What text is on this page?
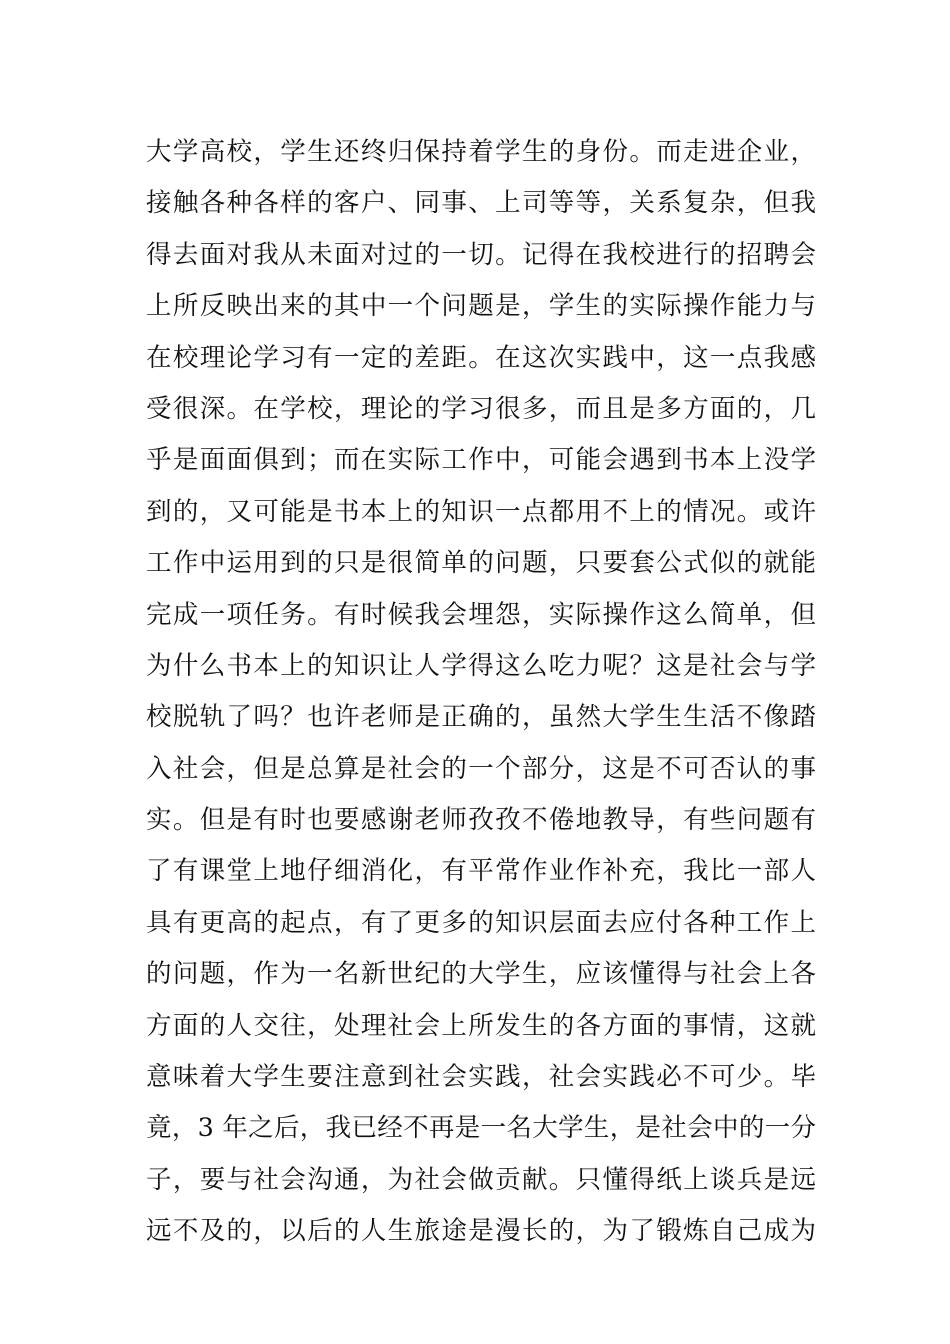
大学高校，学生还终归保持着学生的身份。而走进企业，
接触各种各样的客户、同事、上司等等，关系复杂，但我
得去面对我从未面对过的一切。记得在我校进行的招聘会
上所反映出来的其中一个问题是，学生的实际操作能力与
在校理论学习有一定的差距。在这次实践中，这一点我感
受很深。在学校，理论的学习很多，而且是多方面的，几
乎是面面俱到；而在实际工作中，可能会遇到书本上没学
到的，又可能是书本上的知识一点都用不上的情况。或许
工作中运用到的只是很简单的问题，只要套公式似的就能
完成一项任务。有时候我会埋怨，实际操作这么简单，但
为什么书本上的知识让人学得这么吃力呢？这是社会与学
校脱轨了吗？也许老师是正确的，虽然大学生生活不像踏
入社会，但是总算是社会的一个部分，这是不可否认的事
实。但是有时也要感谢老师孜孜不倦地教导，有些问题有
了有课堂上地仔细消化，有平常作业作补充，我比一部人
具有更高的起点，有了更多的知识层面去应付各种工作上
的问题，作为一名新世纪的大学生，应该懂得与社会上各
方面的人交往，处理社会上所发生的各方面的事情，这就
意味着大学生要注意到社会实践，社会实践必不可少。毕
竟，3 年之后，我已经不再是一名大学生，是社会中的一分
子，要与社会沟通，为社会做贡献。只懂得纸上谈兵是远
远不及的，以后的人生旅途是漫长的，为了锻炼自己成为
